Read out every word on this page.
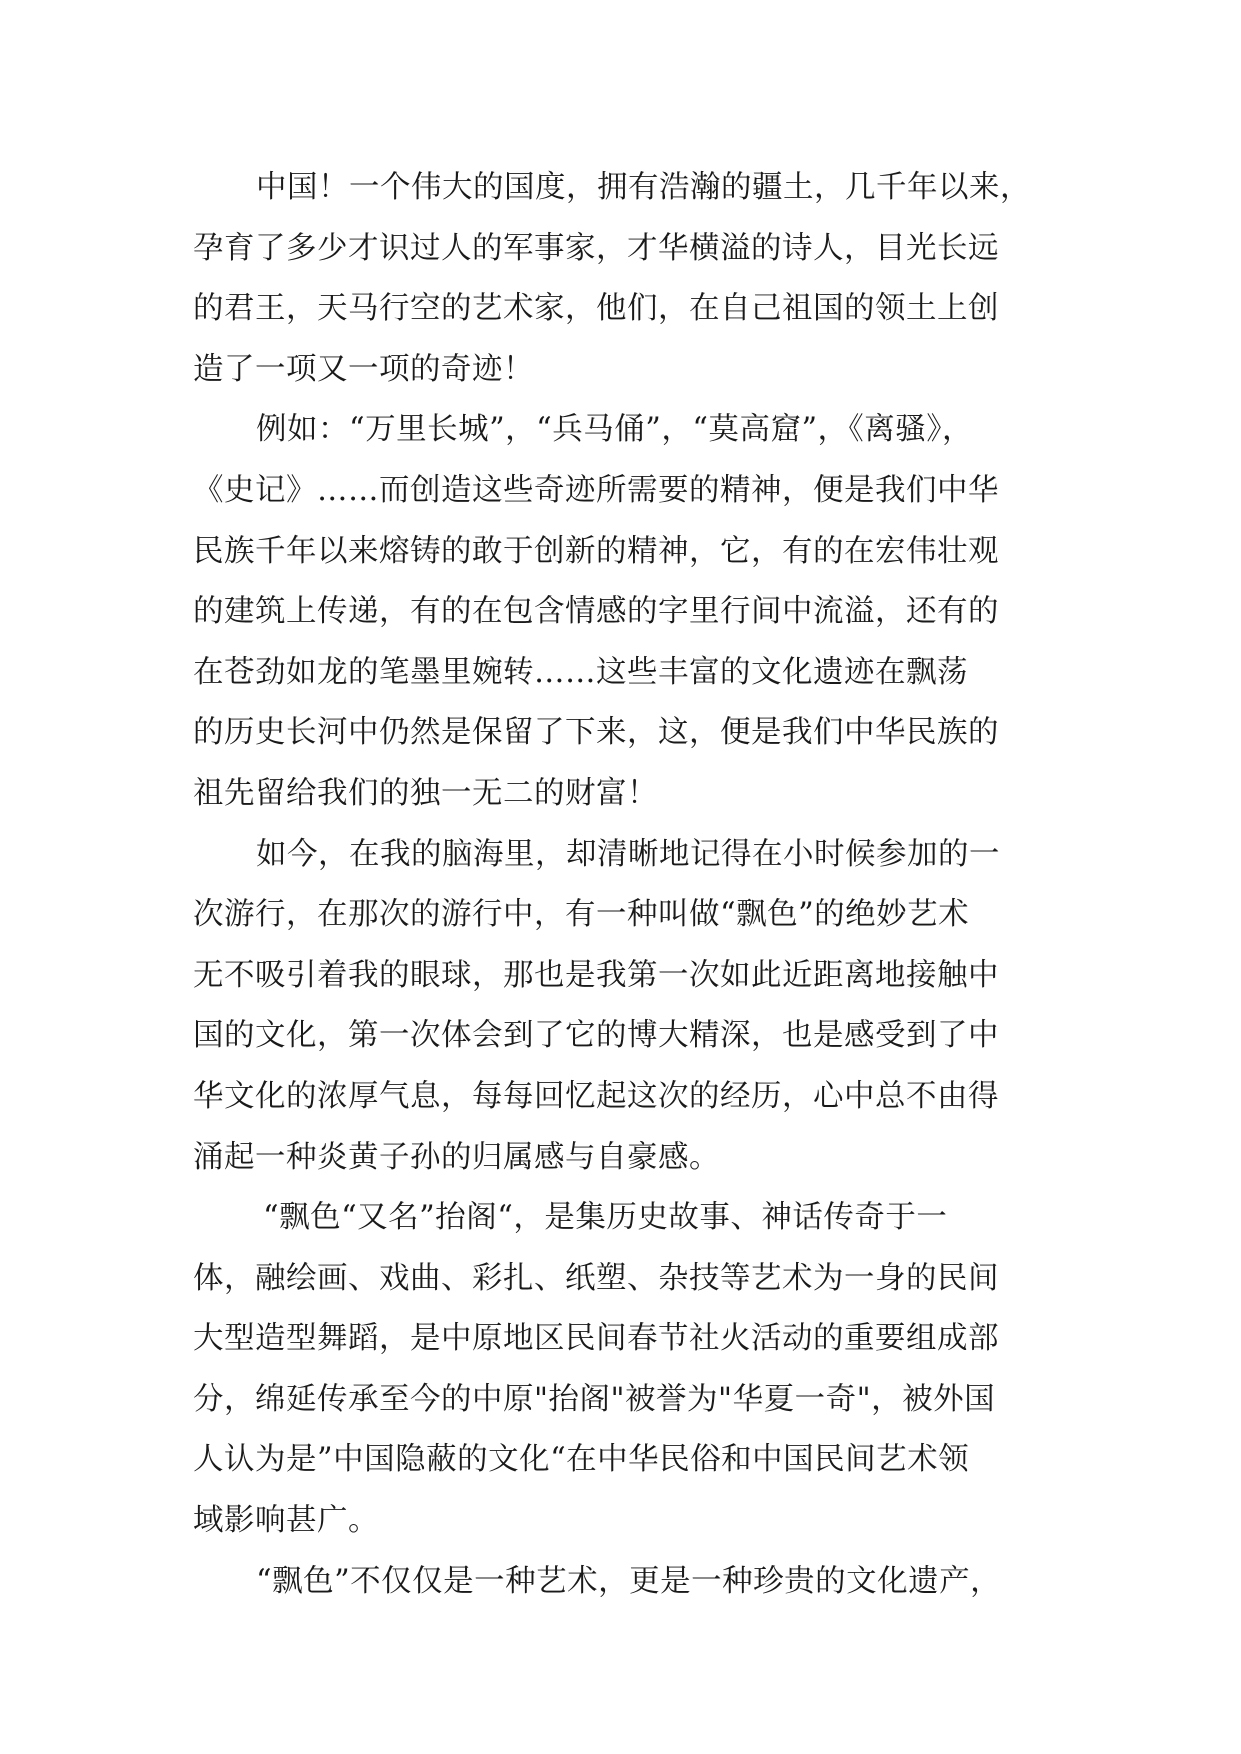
中国！一个伟大的国度，拥有浩瀚的疆土，几千年以来，
孕育了多少才识过人的军事家，才华横溢的诗人，目光长远
的君王，天马行空的艺术家，他们，在自己祖国的领土上创
造了一项又一项的奇迹！
例如：“万里长城”，“兵马俑”，“莫高窟”，《离骚》，
《史记》……而创造这些奇迹所需要的精神，便是我们中华
民族千年以来熔铸的敢于创新的精神，它，有的在宏伟壮观
的建筑上传递，有的在包含情感的字里行间中流溢，还有的
在苍劲如龙的笔墨里婉转……这些丰富的文化遗迹在飘荡
的历史长河中仍然是保留了下来，这，便是我们中华民族的
祖先留给我们的独一无二的财富！
如今，在我的脑海里，却清晰地记得在小时候参加的一
次游行，在那次的游行中，有一种叫做“飘色”的绝妙艺术
无不吸引着我的眼球，那也是我第一次如此近距离地接触中
国的文化，第一次体会到了它的博大精深，也是感受到了中
华文化的浓厚气息，每每回忆起这次的经历，心中总不由得
涌起一种炎黄子孙的归属感与自豪感。
“飘色“又名”抬阁“，是集历史故事、神话传奇于一
体，融绘画、戏曲、彩扎、纸塑、杂技等艺术为一身的民间
大型造型舞蹈，是中原地区民间春节社火活动的重要组成部
分，绵延传承至今的中原"抬阁"被誉为"华夏一奇"，被外国
人认为是”中国隐蔽的文化“在中华民俗和中国民间艺术领
域影响甚广。
“飘色”不仅仅是一种艺术，更是一种珍贵的文化遗产，
